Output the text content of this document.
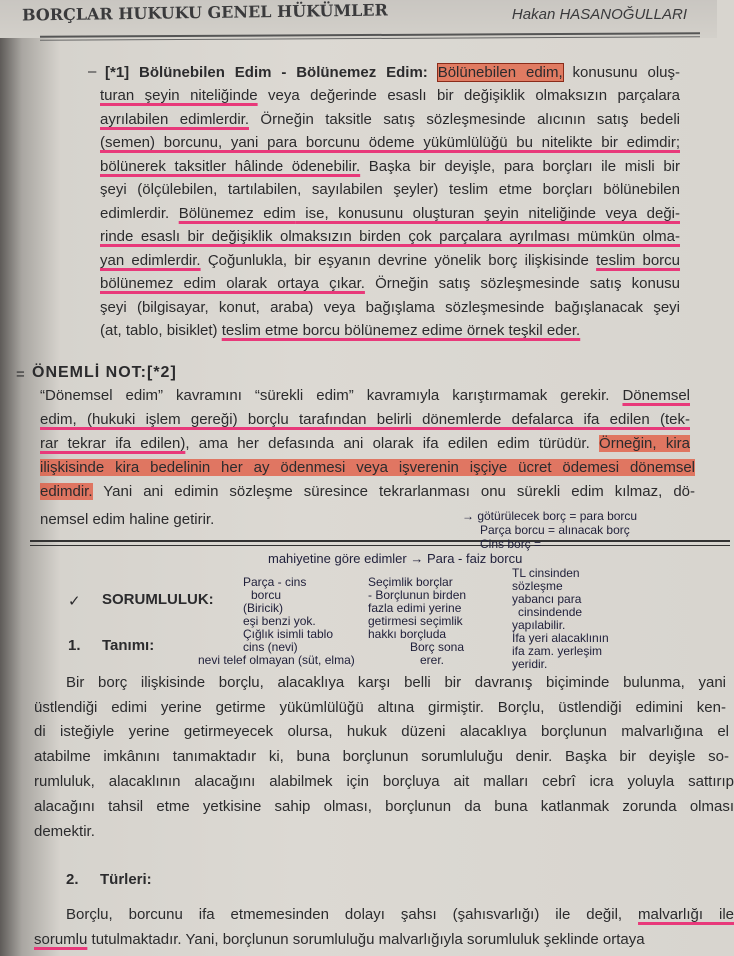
BORÇLAR HUKUKU GENEL HÜKÜMLER	Hakan HASANOĞULLARI
– [*1] Bölünebilen Edim - Bölünemez Edim: Bölünebilen edim, konusunu oluş-
turan şeyin niteliğinde veya değerinde esaslı bir değişiklik olmaksızın parçalara
ayrılabilen edimlerdir. Örneğin taksitle satış sözleşmesinde alıcının satış bedeli
(semen) borcunu, yani para borcunu ödeme yükümlülüğü bu nitelikte bir edimdir;
bölünerek taksitler hâlinde ödenebilir. Başka bir deyişle, para borçları ile misli bir
şeyi (ölçülebilen, tartılabilen, sayılabilen şeyler) teslim etme borçları bölünebilen
edimlerdir. Bölünemez edim ise, konusunu oluşturan şeyin niteliğinde veya deği-
rinde esaslı bir değişiklik olmaksızın birden çok parçalara ayrılması mümkün olma-
yan edimlerdir. Çoğunlukla, bir eşyanın devrine yönelik borç ilişkisinde teslim borcu
bölünemez edim olarak ortaya çıkar. Örneğin satış sözleşmesinde satış konusu
şeyi (bilgisayar, konut, araba) veya bağışlama sözleşmesinde bağışlanacak şeyi
(at, tablo, bisiklet) teslim etme borcu bölünemez edime örnek teşkil eder.
= ÖNEMLİ NOT:[*2]
“Dönemsel edim” kavramını “sürekli edim” kavramıyla karıştırmamak gerekir. Dönemsel
edim, (hukuki işlem gereği) borçlu tarafından belirli dönemlerde defalarca ifa edilen (tek-
rar tekrar ifa edilen), ama her defasında ani olarak ifa edilen edim türüdür. Örneğin, kira
ilişkisinde kira bedelinin her ay ödenmesi veya işverenin işçiye ücret ödemesi dönemsel
edimdir. Yani ani edimin sözleşme süresince tekrarlanması onu sürekli edim kılmaz, dö-
nemsel edim haline getirir.	→ götürülecek borç = para borcu
Parça borcu = alınacak borç
Cins borç =
mahiyetine göre edimler → Para - faiz borcu
Parça - cins
borcu
(Biricik)
eşi benzi yok.
Çığlık isimli tablo
cins (nevi)
nevi telef olmayan (süt, elma)
Seçimlik borçlar
- Borçlunun birden
fazla edimi yerine
getirmesi seçimlik
hakkı borçluda
Borç sona
erer.
TL cinsinden
sözleşme
yabancı para
cinsindende
yapılabilir.
İfa yeri alacaklının
ifa zam. yerleşim
yeridir.
✓ SORUMLULUK:
1. Tanımı:
Bir borç ilişkisinde borçlu, alacaklıya karşı belli bir davranış biçiminde bulunma, yani
üstlendiği edimi yerine getirme yükümlülüğü altına girmiştir. Borçlu, üstlendiği edimini ken-
di isteğiyle yerine getirmeyecek olursa, hukuk düzeni alacaklıya borçlunun malvarlığına el
atabilme imkânını tanımaktadır ki, buna borçlunun sorumluluğu denir. Başka bir deyişle so-
rumluluk, alacaklının alacağını alabilmek için borçluya ait malları cebrî icra yoluyla sattırıp
alacağını tahsil etme yetkisine sahip olması, borçlunun da buna katlanmak zorunda olması
demektir.
2. Türleri:
Borçlu, borcunu ifa etmemesinden dolayı şahsı (şahısvarlığı) ile değil, malvarlığı ile
sorumlu tutulmaktadır. Yani, borçlunun sorumluluğu malvarlığıyla sorumluluk şeklinde ortaya
